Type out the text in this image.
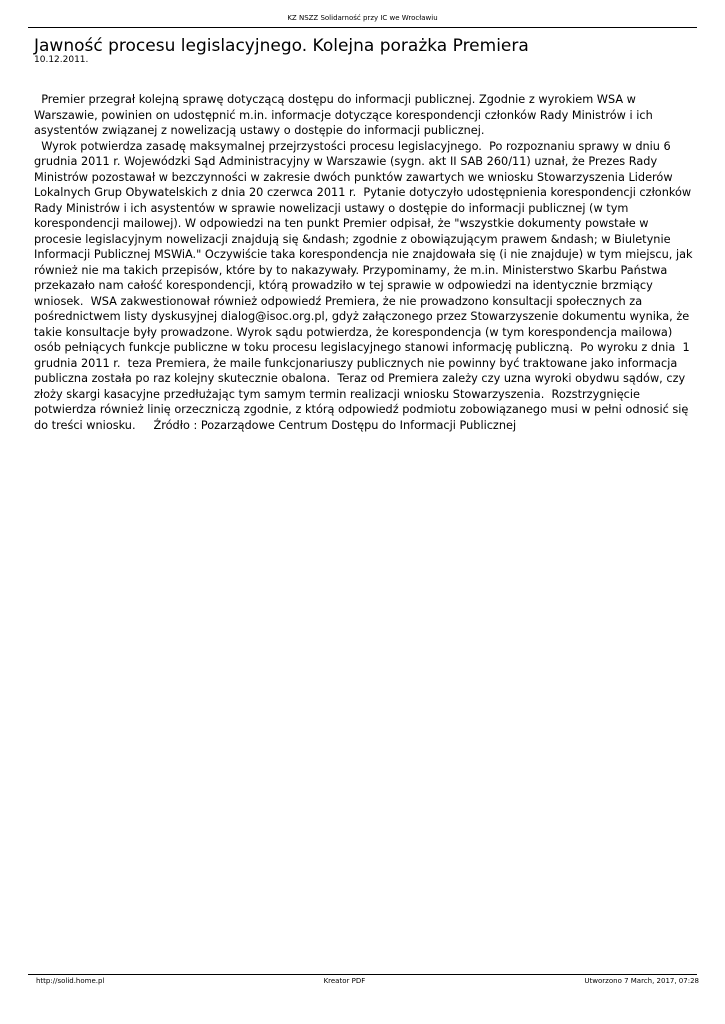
KZ NSZZ Solidarność przy IC we Wrocławiu
Jawność procesu legislacyjnego. Kolejna porażka Premiera
10.12.2011.

Premier przegrał kolejną sprawę dotyczącą dostępu do informacji publicznej. Zgodnie z wyrokiem WSA w Warszawie, powinien on udostępnić m.in. informacje dotyczące korespondencji członków Rady Ministrów i ich asystentów związanej z nowelizacją ustawy o dostępie do informacji publicznej.

Wyrok potwierdza zasadę maksymalnej przejrzystości procesu legislacyjnego.  Po rozpoznaniu sprawy w dniu 6 grudnia 2011 r. Wojewódzki Sąd Administracyjny w Warszawie (sygn. akt II SAB 260/11) uznał, że Prezes Rady Ministrów pozostawał w bezczynności w zakresie dwóch punktów zawartych we wniosku Stowarzyszenia Liderów Lokalnych Grup Obywatelskich z dnia 20 czerwca 2011 r.  Pytanie dotyczyło udostępnienia korespondencji członków Rady Ministrów i ich asystentów w sprawie nowelizacji ustawy o dostępie do informacji publicznej (w tym korespondencji mailowej). W odpowiedzi na ten punkt Premier odpisał, że "wszystkie dokumenty powstałe w procesie legislacyjnym nowelizacji znajdują się &ndash; zgodnie z obowiązującym prawem &ndash; w Biuletynie Informacji Publicznej MSWiA." Oczywiście taka korespondencja nie znajdowała się (i nie znajduje) w tym miejscu, jak również nie ma takich przepisów, które by to nakazywały. Przypominamy, że m.in. Ministerstwo Skarbu Państwa przekazało nam całość korespondencji, którą prowadziło w tej sprawie w odpowiedzi na identycznie brzmiący wniosek.  WSA zakwestionował również odpowiedź Premiera, że nie prowadzono konsultacji społecznych za pośrednictwem listy dyskusyjnej dialog@isoc.org.pl, gdyż załączonego przez Stowarzyszenie dokumentu wynika, że takie konsultacje były prowadzone. Wyrok sądu potwierdza, że korespondencja (w tym korespondencja mailowa) osób pełniących funkcje publiczne w toku procesu legislacyjnego stanowi informację publiczną.  Po wyroku z dnia  1 grudnia 2011 r.  teza Premiera, że maile funkcjonariuszy publicznych nie powinny być traktowane jako informacja publiczna została po raz kolejny skutecznie obalona.  Teraz od Premiera zależy czy uzna wyroki obydwu sądów, czy złoży skargi kasacyjne przedłużając tym samym termin realizacji wniosku Stowarzyszenia.  Rozstrzygnięcie potwierdza również linię orzeczniczą zgodnie, z którą odpowiedź podmiotu zobowiązanego musi w pełni odnosić się do treści wniosku.     Źródło : Pozarządowe Centrum Dostępu do Informacji Publicznej

http://solid.home.pl	Kreator PDF	Utworzono 7 March, 2017, 07:28
